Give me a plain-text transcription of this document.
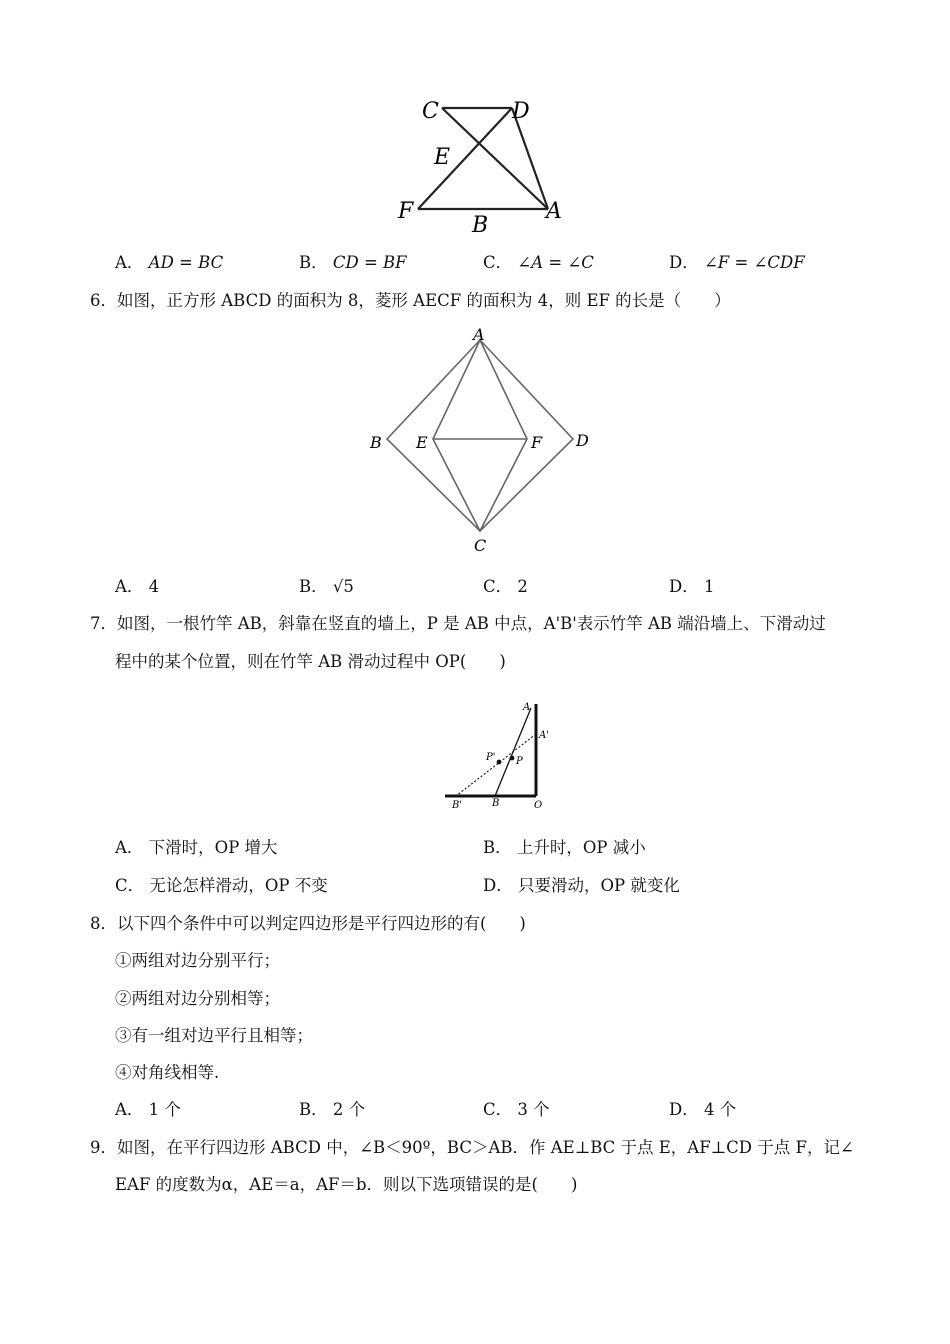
C	D
E
F
B
A
A． AD = BC	B． CD = BF	C． ∠A = ∠C	D． ∠F = ∠CDF
6．如图，正方形 ABCD 的面积为 8，菱形 AECF 的面积为 4，则 EF 的长是（　　）
A
B E	F D
C
A． 4	B． √5	C． 2	D． 1
7．如图，一根竹竿 AB，斜靠在竖直的墙上，P 是 AB 中点，A'B'表示竹竿 AB 端沿墙上、下滑动过
程中的某个位置，则在竹竿 AB 滑动过程中 OP(　　)
A
A'
P' P
B'	B	O
A． 下滑时，OP 增大	B． 上升时，OP 减小
C． 无论怎样滑动，OP 不变	D． 只要滑动，OP 就变化
8．以下四个条件中可以判定四边形是平行四边形的有(　　)
①两组对边分别平行；
②两组对边分别相等；
③有一组对边平行且相等；
④对角线相等.
A． 1 个	B． 2 个	C． 3 个	D． 4 个
9．如图，在平行四边形 ABCD 中，∠B＜90º，BC＞AB．作 AE⊥BC 于点 E，AF⊥CD 于点 F，记∠
EAF 的度数为α，AE＝a，AF＝b．则以下选项错误的是(　　)
